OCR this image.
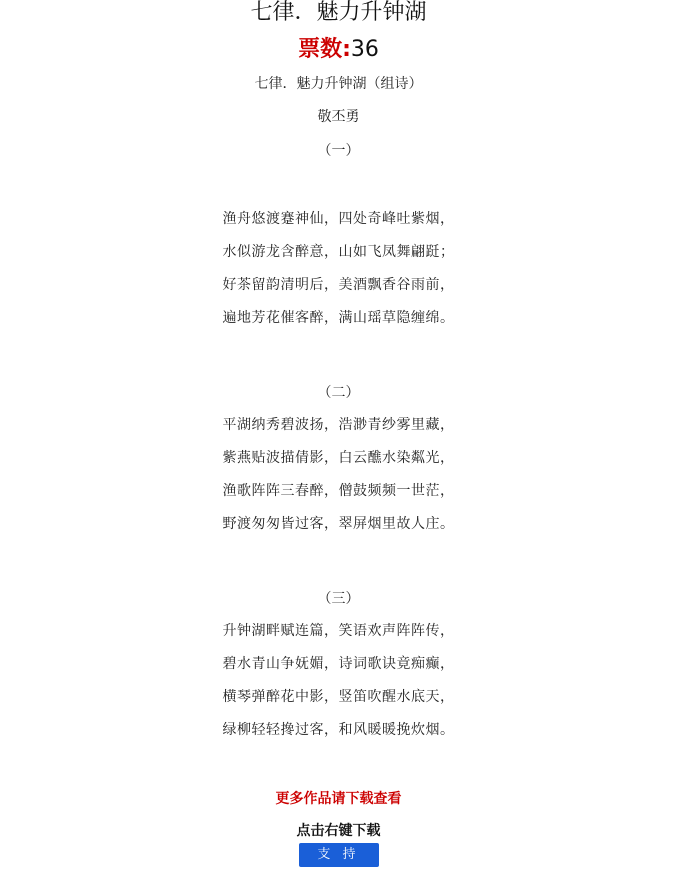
七律．魅力升钟湖
票数:36
七律．魅力升钟湖（组诗）
敬丕勇
（一）
渔舟悠渡蹇神仙，四处奇峰吐紫烟，
水似游龙含醉意，山如飞凤舞翩跹；
好茶留韵清明后，美酒飘香谷雨前，
遍地芳花催客醉，满山瑶草隐缠绵。
（二）
平湖纳秀碧波扬，浩渺青纱雾里藏，
紫燕贴波描倩影，白云醮水染粼光，
渔歌阵阵三春醉，僧鼓频频一世茫，
野渡匆匆皆过客，翠屏烟里故人庄。
（三）
升钟湖畔赋连篇，笑语欢声阵阵传，
碧水青山争妩媚，诗词歌诀竟痴癫，
横琴弹醉花中影，竖笛吹醒水底天，
绿柳轻轻搀过客，和风暖暖挽炊烟。
更多作品请下载查看
点击右键下载
支 持
